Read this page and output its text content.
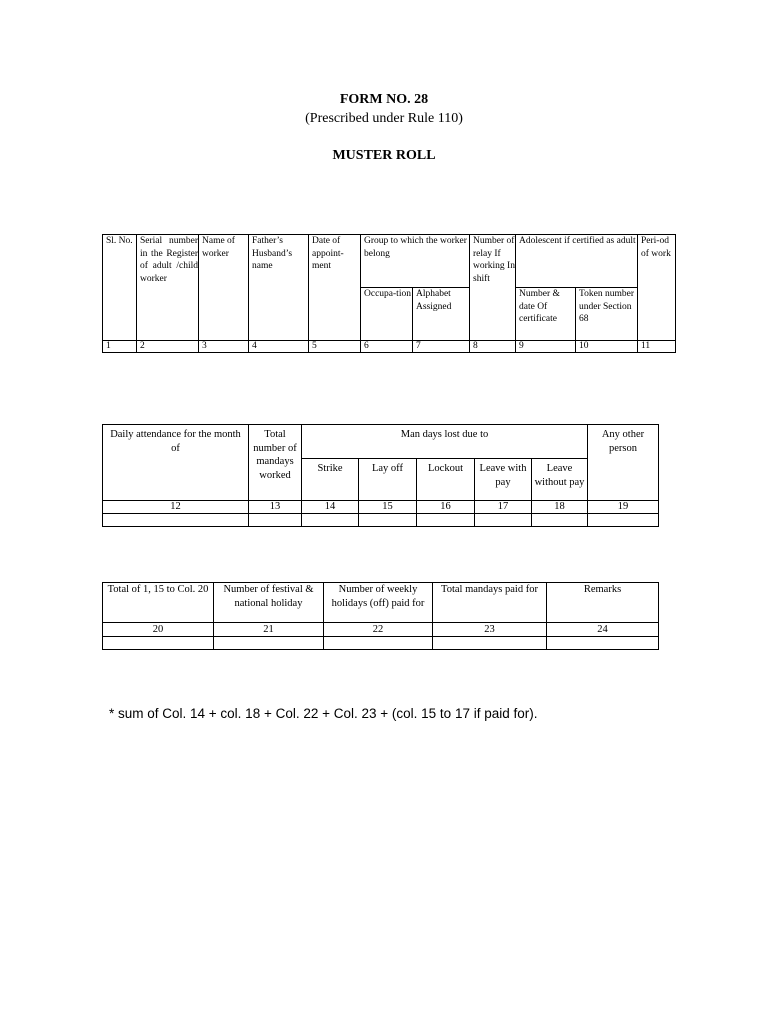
FORM NO. 28
(Prescribed under Rule 110)
MUSTER ROLL
Sl. No.	Serial number in the Register of adult /child worker	Name of worker	Father’s Husband’s name	Date of appoint-ment	Group to which the worker belong		Number of relay If working In shift	Adolescent if certified as adult		Peri-od of work
					Occupa-tion	Alphabet Assigned		Number & date Of certificate	Token number under Section 68	
1	2	3	4	5	6	7	8	9	10	11
Daily attendance for the month of	Total number of mandays worked	Man days lost due to					Any other person
		Strike	Lay off	Lockout	Leave with pay	Leave without pay	
12	13	14	15	16	17	18	19

Total of 1, 15 to Col. 20	Number of festival & national holiday	Number of weekly holidays (off) paid for	Total mandays paid for	Remarks
20	21	22	23	24

* sum of Col. 14 + col. 18 + Col. 22 + Col. 23 + (col. 15 to 17 if paid for).
